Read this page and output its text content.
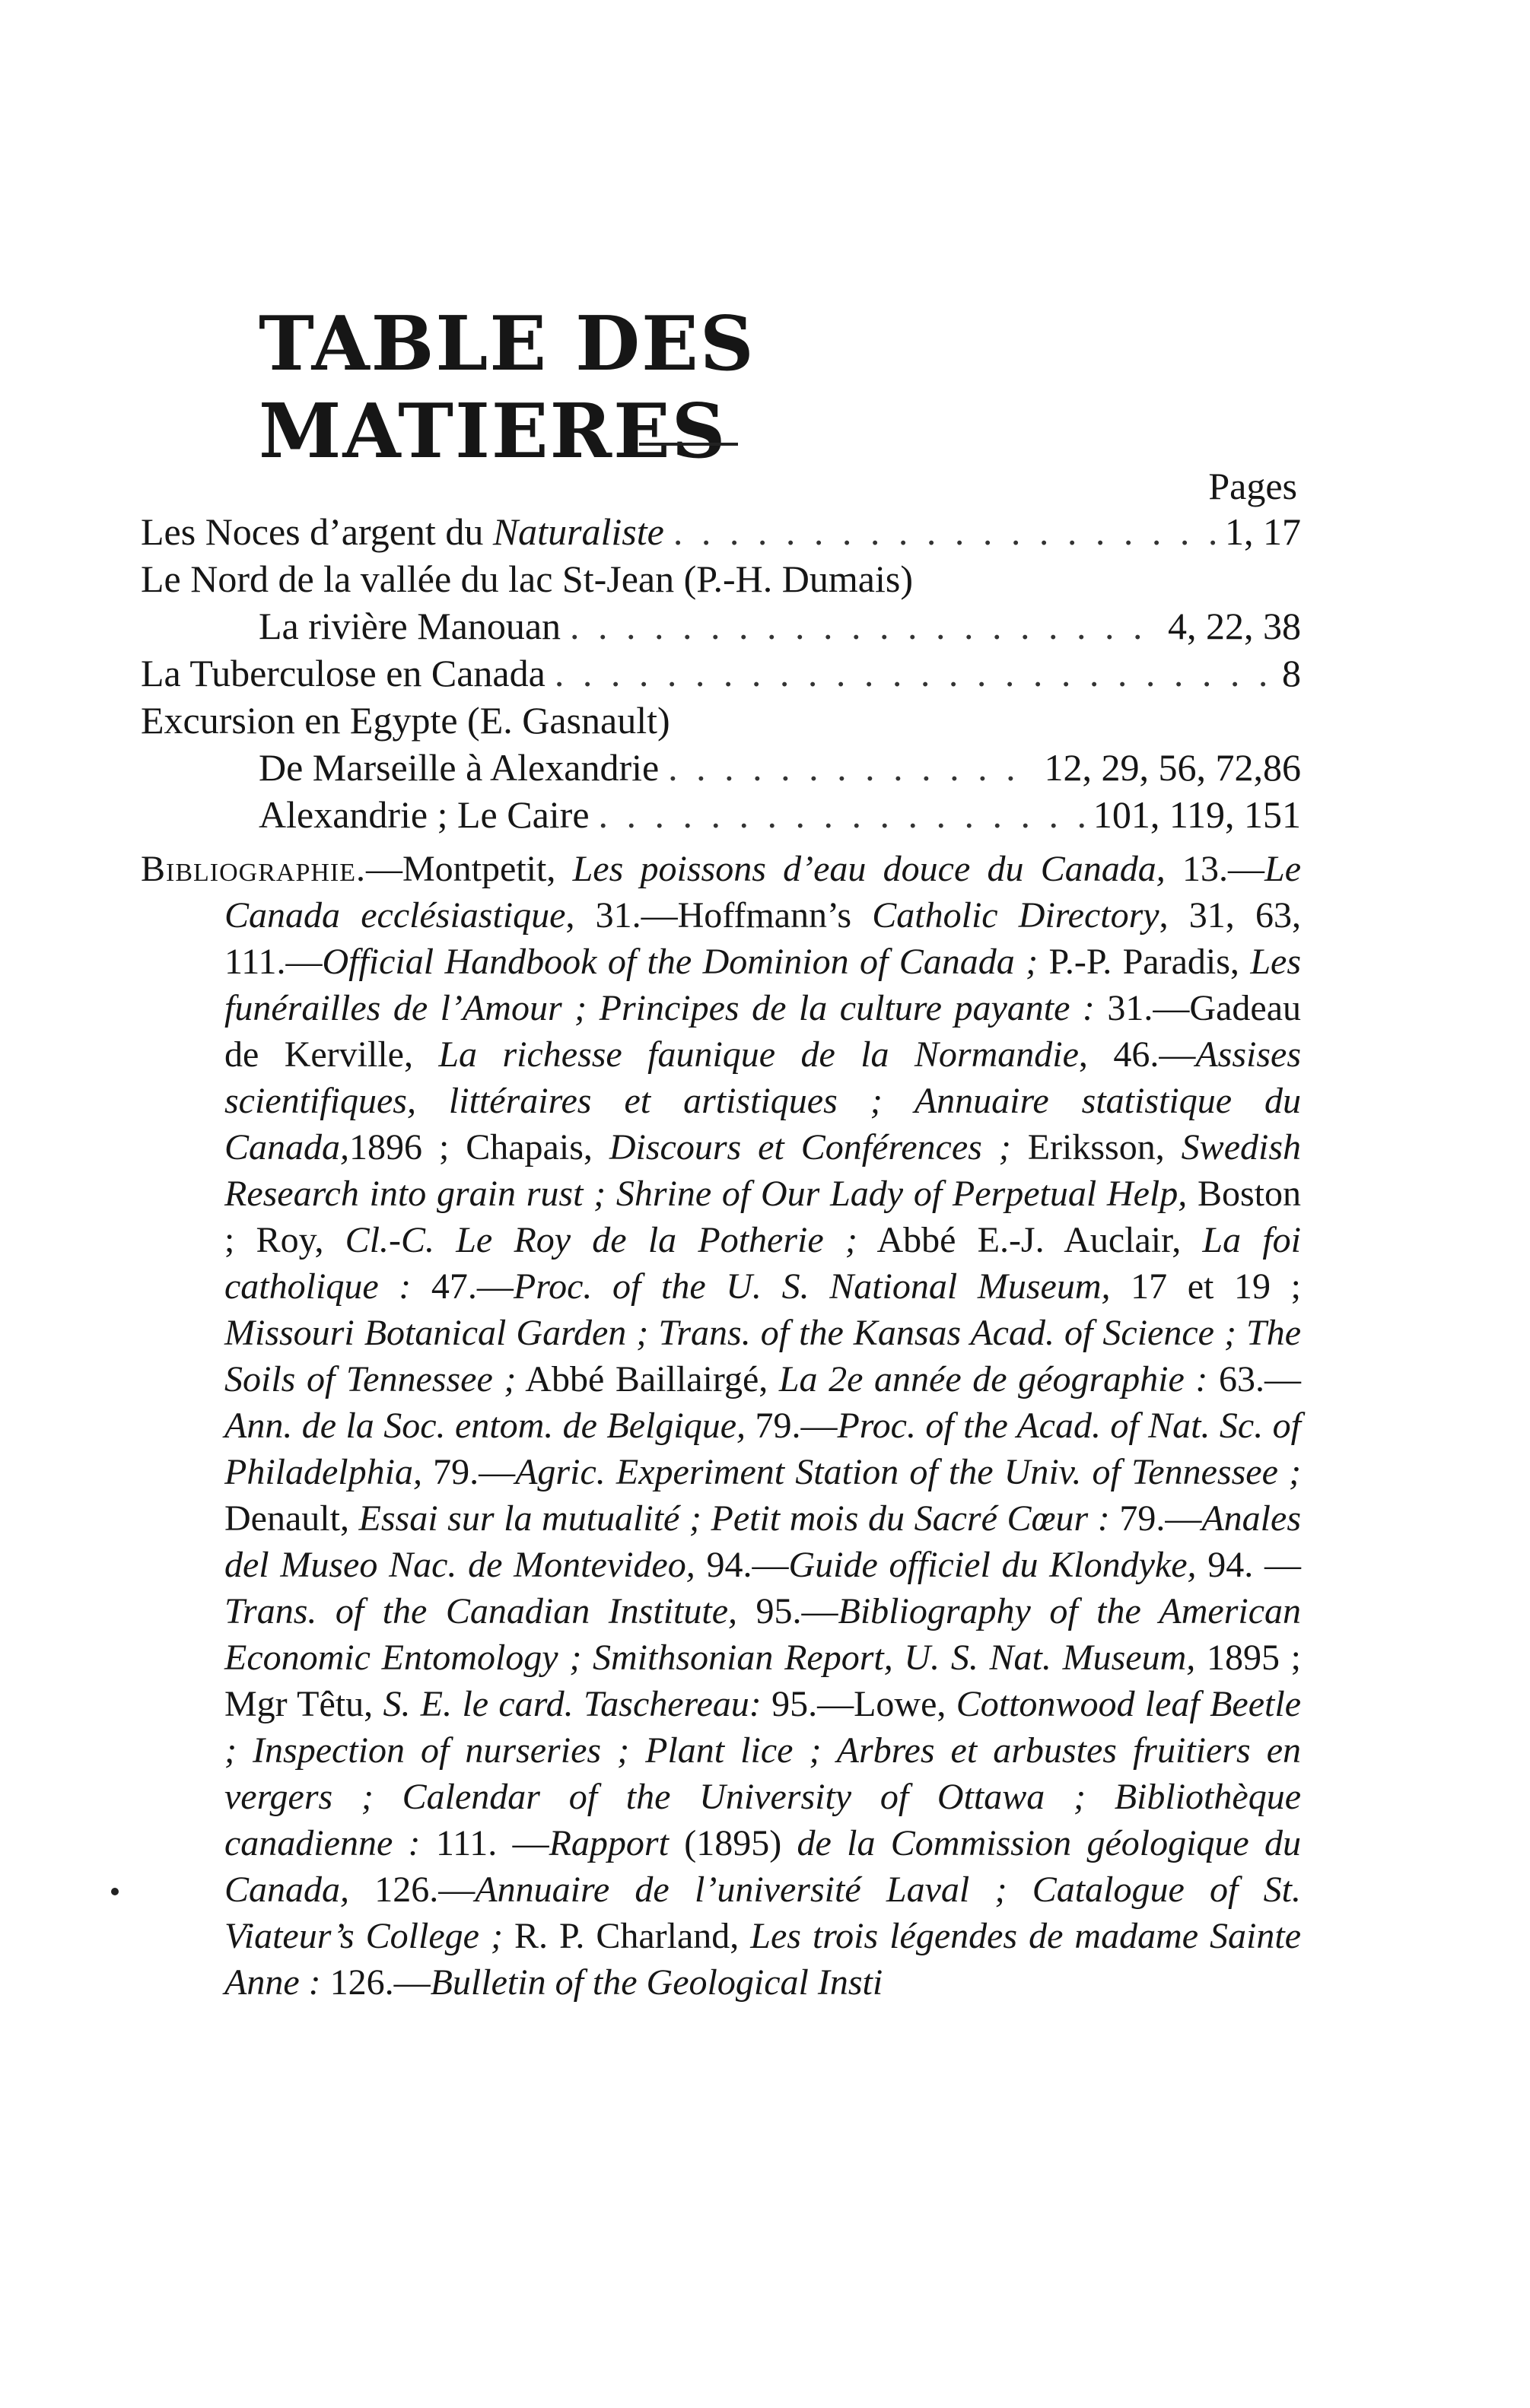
TABLE DES MATIERES
Pages
Les Noces d’argent du Naturaliste . . .	1, 17
Le Nord de la vallée du lac St-Jean (P.-H. Dumais)
La rivière Manouan . . .	4, 22, 38
La Tuberculose en Canada . . .	8
Excursion en Egypte (E. Gasnault)
De Marseille à Alexandrie . . .	12, 29, 56, 72,86
Alexandrie ; Le Caire . . .	101, 119, 151

Bibliographie.—Montpetit, Les poissons d’eau douce du Canada, 13.—Le Canada ecclésiastique, 31.—Hoffmann’s Catholic Directory, 31, 63, 111.—Official Handbook of the Dominion of Canada ; P.-P. Paradis, Les funérailles de l’Amour ; Principes de la culture payante : 31.—Gadeau de Kerville, La richesse faunique de la Normandie, 46.—Assises scientifiques, littéraires et artistiques ; Annuaire statistique du Canada,1896 ; Chapais, Discours et Conférences ; Eriksson, Swedish Research into grain rust ; Shrine of Our Lady of Perpetual Help, Boston ; Roy, Cl.-C. Le Roy de la Potherie ; Abbé E.-J. Auclair, La foi catholique : 47.—Proc. of the U. S. National Museum, 17 et 19 ; Missouri Botanical Garden ; Trans. of the Kansas Acad. of Science ; The Soils of Tennessee ; Abbé Baillairgé, La 2e année de géographie : 63.—Ann. de la Soc. entom. de Belgique, 79.—Proc. of the Acad. of Nat. Sc. of Philadelphia, 79.—Agric. Experiment Station of the Univ. of Tennessee ; Denault, Essai sur la mutualité ; Petit mois du Sacré Cœur : 79.—Anales del Museo Nac. de Montevideo, 94.—Guide officiel du Klondyke, 94. —Trans. of the Canadian Institute, 95.—Bibliography of the American Economic Entomology ; Smithsonian Report, U. S. Nat. Museum, 1895 ; Mgr Têtu, S. E. le card. Taschereau: 95.—Lowe, Cottonwood leaf Beetle ; Inspection of nurseries ; Plant lice ; Arbres et arbustes fruitiers en vergers ; Calendar of the University of Ottawa ; Bibliothèque canadienne : 111. —Rapport (1895) de la Commission géologique du Canada, 126.—Annuaire de l’université Laval ; Catalogue of St. Viateur’s College ; R. P. Charland, Les trois légendes de madame Sainte Anne : 126.—Bulletin of the Geological Insti
